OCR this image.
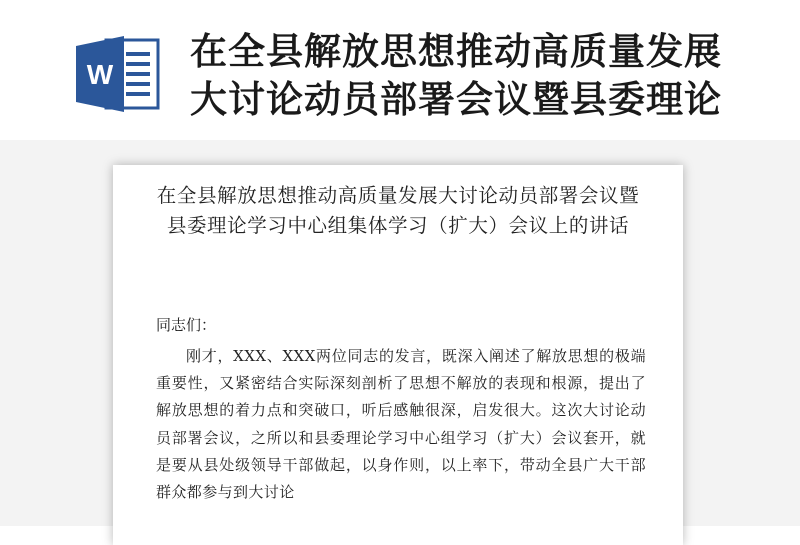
W
在全县解放思想推动高质量发展大讨论动员部署会议暨县委理论
在全县解放思想推动高质量发展大讨论动员部署会议暨县委理论学习中心组集体学习（扩大）会议上的讲话
同志们：
刚才，XXX、XXX两位同志的发言，既深入阐述了解放思想的极端重要性，又紧密结合实际深刻剖析了思想不解放的表现和根源，提出了解放思想的着力点和突破口，听后感触很深，启发很大。这次大讨论动员部署会议，之所以和县委理论学习中心组学习（扩大）会议套开，就是要从县处级领导干部做起，以身作则，以上率下，带动全县广大干部群众都参与到大讨论
